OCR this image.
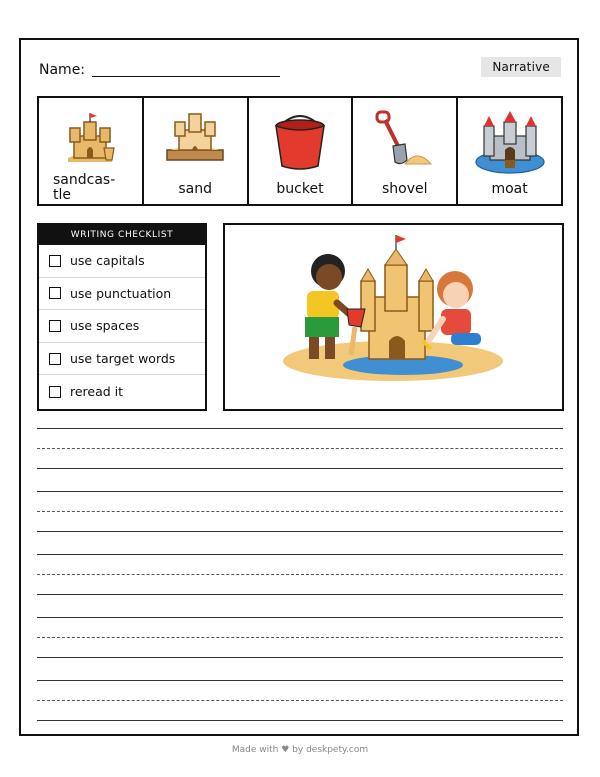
Name:	Narrative
sandcas-
tle	sand	bucket	shovel	moat
WRITING CHECKLIST
use capitals
use punctuation
use spaces
use target words
reread it
Made with ♥ by deskpety.com
